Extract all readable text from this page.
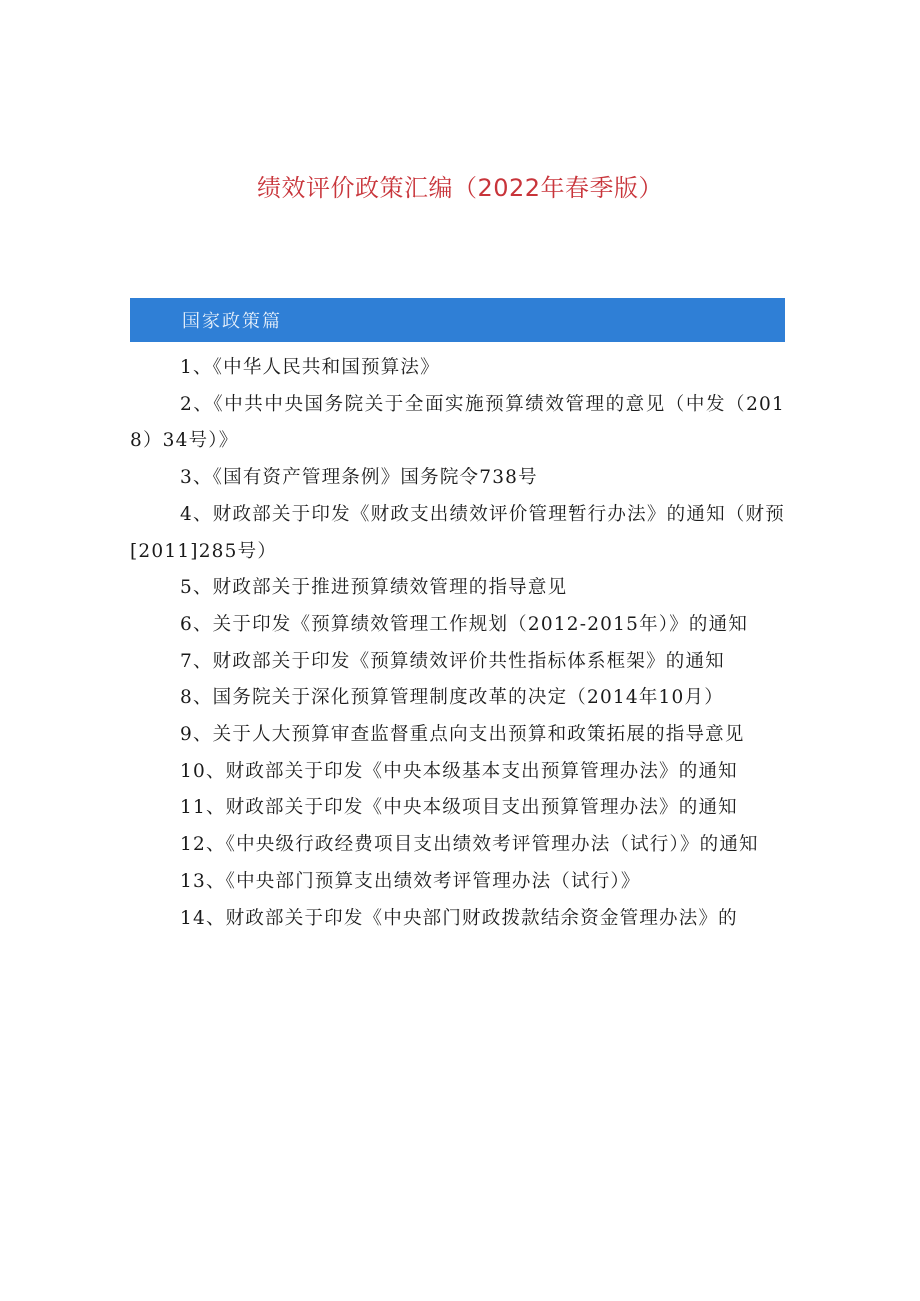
绩效评价政策汇编（2022年春季版）
国家政策篇
1、《中华人民共和国预算法》
2、《中共中央国务院关于全面实施预算绩效管理的意见（中发（2018）34号）》
3、《国有资产管理条例》国务院令738号
4、财政部关于印发《财政支出绩效评价管理暂行办法》的通知（财预[2011]285号）
5、财政部关于推进预算绩效管理的指导意见
6、关于印发《预算绩效管理工作规划（2012-2015年）》的通知
7、财政部关于印发《预算绩效评价共性指标体系框架》的通知
8、国务院关于深化预算管理制度改革的决定（2014年10月）
9、关于人大预算审查监督重点向支出预算和政策拓展的指导意见
10、财政部关于印发《中央本级基本支出预算管理办法》的通知
11、财政部关于印发《中央本级项目支出预算管理办法》的通知
12、《中央级行政经费项目支出绩效考评管理办法（试行）》的通知
13、《中央部门预算支出绩效考评管理办法（试行）》
14、财政部关于印发《中央部门财政拨款结余资金管理办法》的
